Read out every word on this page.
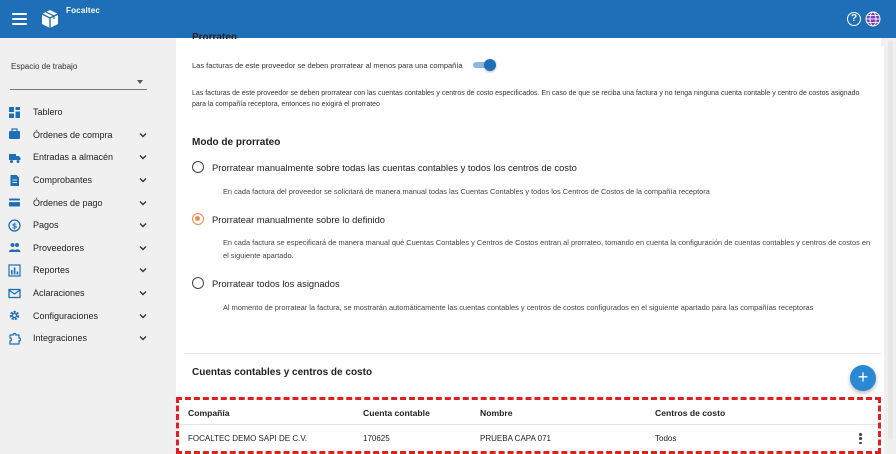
Focaltec
?
Espacio de trabajo
Tablero
Órdenes de compra
Entradas a almacén
Comprobantes
Órdenes de pago
$ Pagos
Proveedores
Reportes
Aclaraciones
Configuraciones
Integraciones
Prorrateo
Las facturas de este proveedor se deben prorratear al menos para una compañía
Las facturas de este proveedor se deben prorratear con las cuentas contables y centros de costo especificados. En caso de que se reciba una factura y no tenga ninguna cuenta contable y centro de costos asignado para la compañía receptora, entonces no exigirá el prorrateo
Modo de prorrateo
Prorratear manualmente sobre todas las cuentas contables y todos los centros de costo
En cada factura del proveedor se solicitará de manera manual todas las Cuentas Contables y todos los Centros de Costos de la compañía receptora
Prorratear manualmente sobre lo definido
En cada factura se especificará de manera manual qué Cuentas Contables y Centros de Costos entran al prorrateo, tomando en cuenta la configuración de cuentas contables y centros de costos en el siguiente apartado.
Prorratear todos los asignados
Al momento de prorratear la factura, se mostrarán automáticamente las cuentas contables y centros de costos configurados en el siguiente apartado para las compañías receptoras
Cuentas contables y centros de costo	+
Compañía	Cuenta contable	Nombre	Centros de costo
FOCALTEC DEMO SAPI DE C.V.	170625	PRUEBA CAPA 071	Todos
